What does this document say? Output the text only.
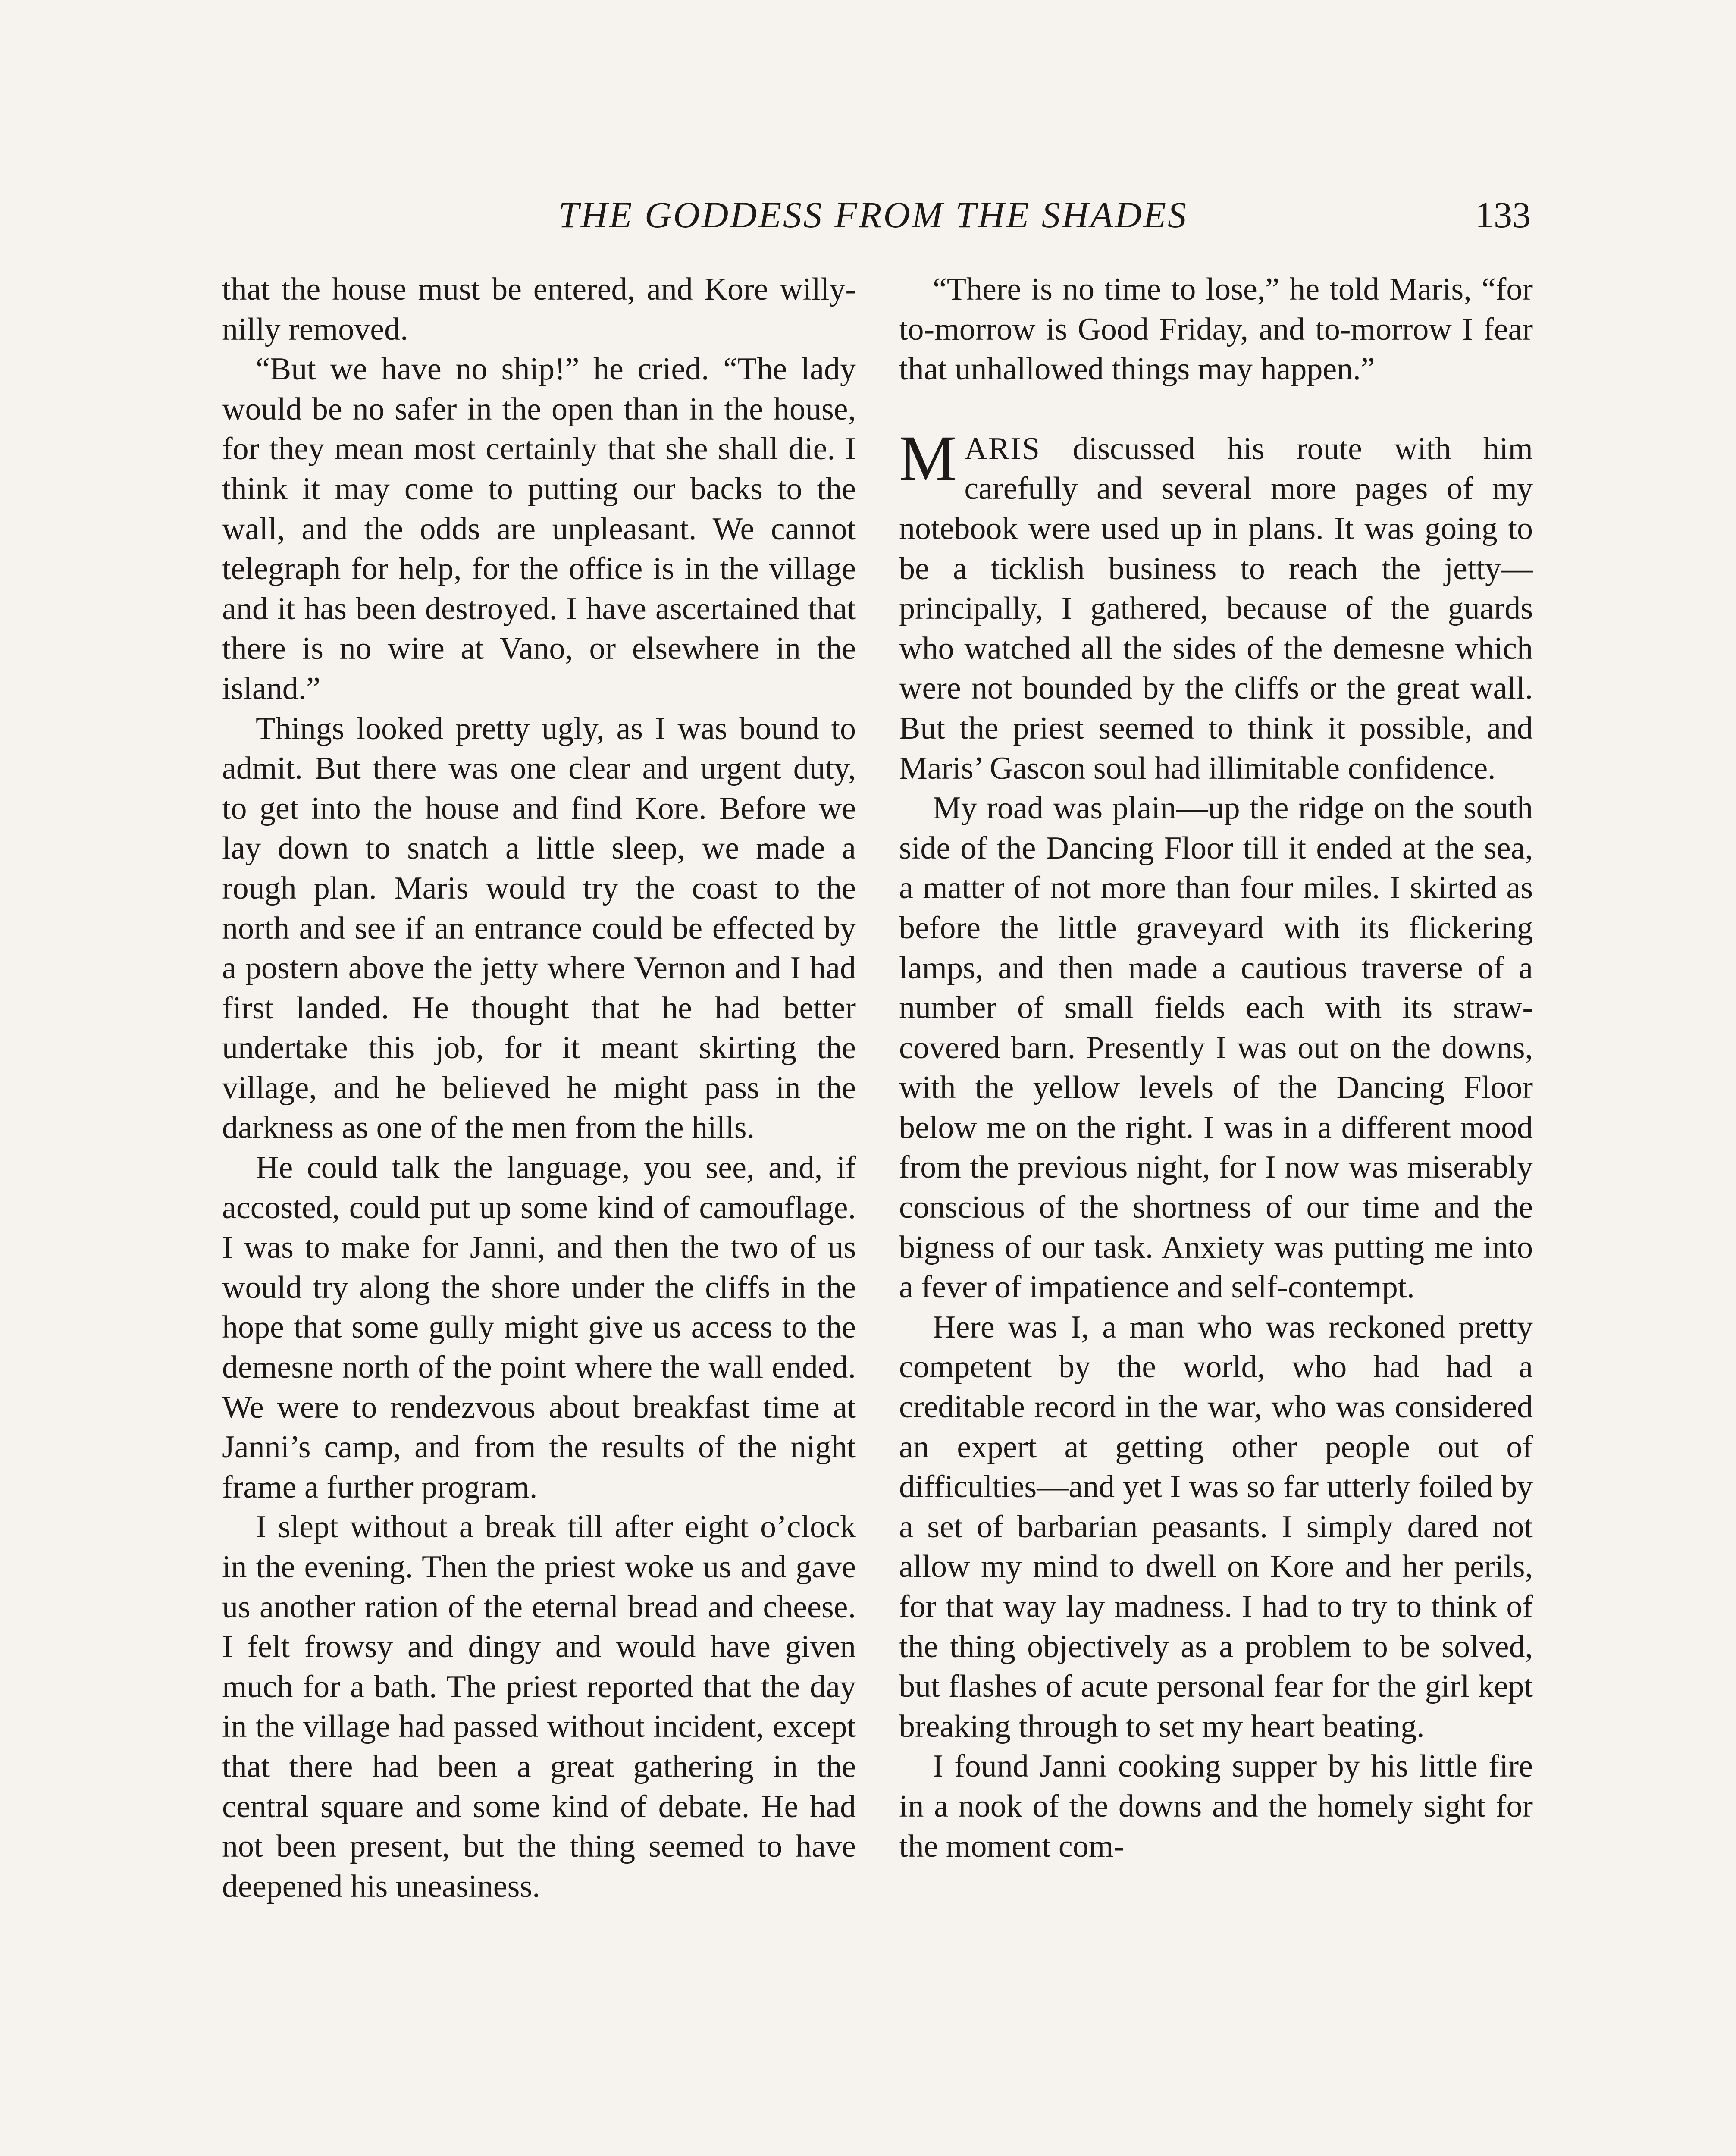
THE GODDESS FROM THE SHADES	133

that the house must be entered, and Kore willy-nilly removed.

“But we have no ship!” he cried. “The lady would be no safer in the open than in the house, for they mean most certainly that she shall die. I think it may come to putting our backs to the wall, and the odds are unpleasant. We cannot telegraph for help, for the office is in the village and it has been destroyed. I have ascertained that there is no wire at Vano, or elsewhere in the island.”

Things looked pretty ugly, as I was bound to admit. But there was one clear and urgent duty, to get into the house and find Kore. Before we lay down to snatch a little sleep, we made a rough plan. Maris would try the coast to the north and see if an entrance could be effected by a postern above the jetty where Vernon and I had first landed. He thought that he had better undertake this job, for it meant skirting the village, and he believed he might pass in the darkness as one of the men from the hills.

He could talk the language, you see, and, if accosted, could put up some kind of camouflage. I was to make for Janni, and then the two of us would try along the shore under the cliffs in the hope that some gully might give us access to the demesne north of the point where the wall ended. We were to rendezvous about breakfast time at Janni’s camp, and from the results of the night frame a further program.

I slept without a break till after eight o’clock in the evening. Then the priest woke us and gave us another ration of the eternal bread and cheese. I felt frowsy and dingy and would have given much for a bath. The priest reported that the day in the village had passed without incident, except that there had been a great gathering in the central square and some kind of debate. He had not been present, but the thing seemed to have deepened his uneasiness.

“There is no time to lose,” he told Maris, “for to-morrow is Good Friday, and to-morrow I fear that unhallowed things may happen.”

MARIS discussed his route with him carefully and several more pages of my notebook were used up in plans. It was going to be a ticklish business to reach the jetty—principally, I gathered, because of the guards who watched all the sides of the demesne which were not bounded by the cliffs or the great wall. But the priest seemed to think it possible, and Maris’ Gascon soul had illimitable confidence.

My road was plain—up the ridge on the south side of the Dancing Floor till it ended at the sea, a matter of not more than four miles. I skirted as before the little graveyard with its flickering lamps, and then made a cautious traverse of a number of small fields each with its straw-covered barn. Presently I was out on the downs, with the yellow levels of the Dancing Floor below me on the right. I was in a different mood from the previous night, for I now was miserably conscious of the shortness of our time and the bigness of our task. Anxiety was putting me into a fever of impatience and self-contempt.

Here was I, a man who was reckoned pretty competent by the world, who had had a creditable record in the war, who was considered an expert at getting other people out of difficulties—and yet I was so far utterly foiled by a set of barbarian peasants. I simply dared not allow my mind to dwell on Kore and her perils, for that way lay madness. I had to try to think of the thing objectively as a problem to be solved, but flashes of acute personal fear for the girl kept breaking through to set my heart beating.

I found Janni cooking supper by his little fire in a nook of the downs and the homely sight for the moment com-
